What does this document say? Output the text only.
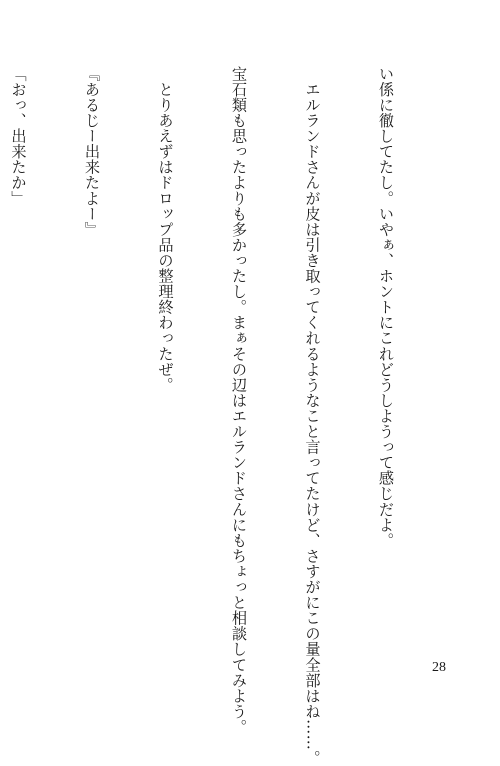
い係に徹してたし。いやぁ、ホントにこれどうしようって感じだよ。

　エルランドさんが皮は引き取ってくれるようなこと言ってたけど、さすがにこの量全部はね……。

宝石類も思ったよりも多かったし。まぁその辺はエルランドさんにもちょっと相談してみよう。

　とりあえずはドロップ品の整理終わったぜ。

『あるじー出来たよー』

「おっ、出来たか」

28
